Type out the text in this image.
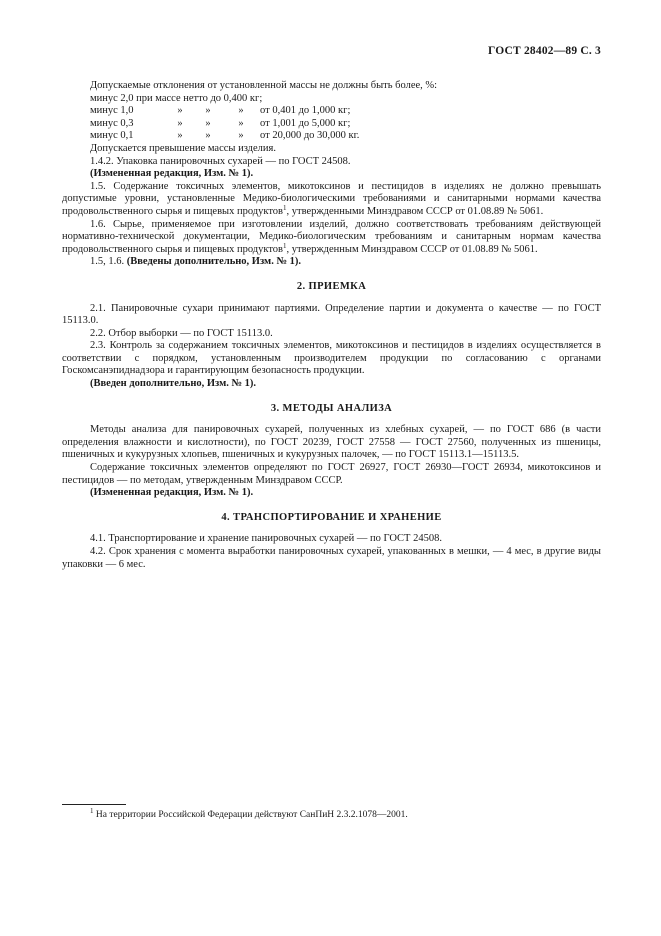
ГОСТ 28402—89 С. 3

Допускаемые отклонения от установленной массы не должны быть более, %:

минус 2,0 при массе нетто до 0,400 кг;
минус 1,0	»	»	»	от 0,401 до 1,000 кг;
минус 0,3	»	»	»	от 1,001 до 5,000 кг;
минус 0,1	»	»	»	от 20,000 до 30,000 кг.
Допускается превышение массы изделия.

1.4.2. Упаковка панировочных сухарей — по ГОСТ 24508.

(Измененная редакция, Изм. № 1).

1.5. Содержание токсичных элементов, микотоксинов и пестицидов в изделиях не должно превышать допустимые уровни, установленные Медико-биологическими требованиями и санитарными нормами качества продовольственного сырья и пищевых продуктов$^1$, утвержденными Минздравом СССР от 01.08.89 № 5061.

1.6. Сырье, применяемое при изготовлении изделий, должно соответствовать требованиям действующей нормативно-технической документации, Медико-биологическим требованиям и санитарным нормам качества продовольственного сырья и пищевых продуктов$^1$, утвержденным Минздравом СССР от 01.08.89 № 5061.

1.5, 1.6. (Введены дополнительно, Изм. № 1).

2. ПРИЕМКА

2.1. Панировочные сухари принимают партиями. Определение партии и документа о качестве — по ГОСТ 15113.0.

2.2. Отбор выборки — по ГОСТ 15113.0.

2.3. Контроль за содержанием токсичных элементов, микотоксинов и пестицидов в изделиях осуществляется в соответствии с порядком, установленным производителем продукции по согласованию с органами Госкомсанэпиднадзора и гарантирующим безопасность продукции.

(Введен дополнительно, Изм. № 1).

3. МЕТОДЫ АНАЛИЗА

Методы анализа для панировочных сухарей, полученных из хлебных сухарей, — по ГОСТ 686 (в части определения влажности и кислотности), по ГОСТ 20239, ГОСТ 27558 — ГОСТ 27560, полученных из пшеницы, пшеничных и кукурузных хлопьев, пшеничных и кукурузных палочек, — по ГОСТ 15113.1—15113.5.

Содержание токсичных элементов определяют по ГОСТ 26927, ГОСТ 26930—ГОСТ 26934, микотоксинов и пестицидов — по методам, утвержденным Минздравом СССР.

(Измененная редакция, Изм. № 1).

4. ТРАНСПОРТИРОВАНИЕ И ХРАНЕНИЕ

4.1. Транспортирование и хранение панировочных сухарей — по ГОСТ 24508.

4.2. Срок хранения с момента выработки панировочных сухарей, упакованных в мешки, — 4 мес, в другие виды упаковки — 6 мес.

$^1$ На территории Российской Федерации действуют СанПиН 2.3.2.1078—2001.
